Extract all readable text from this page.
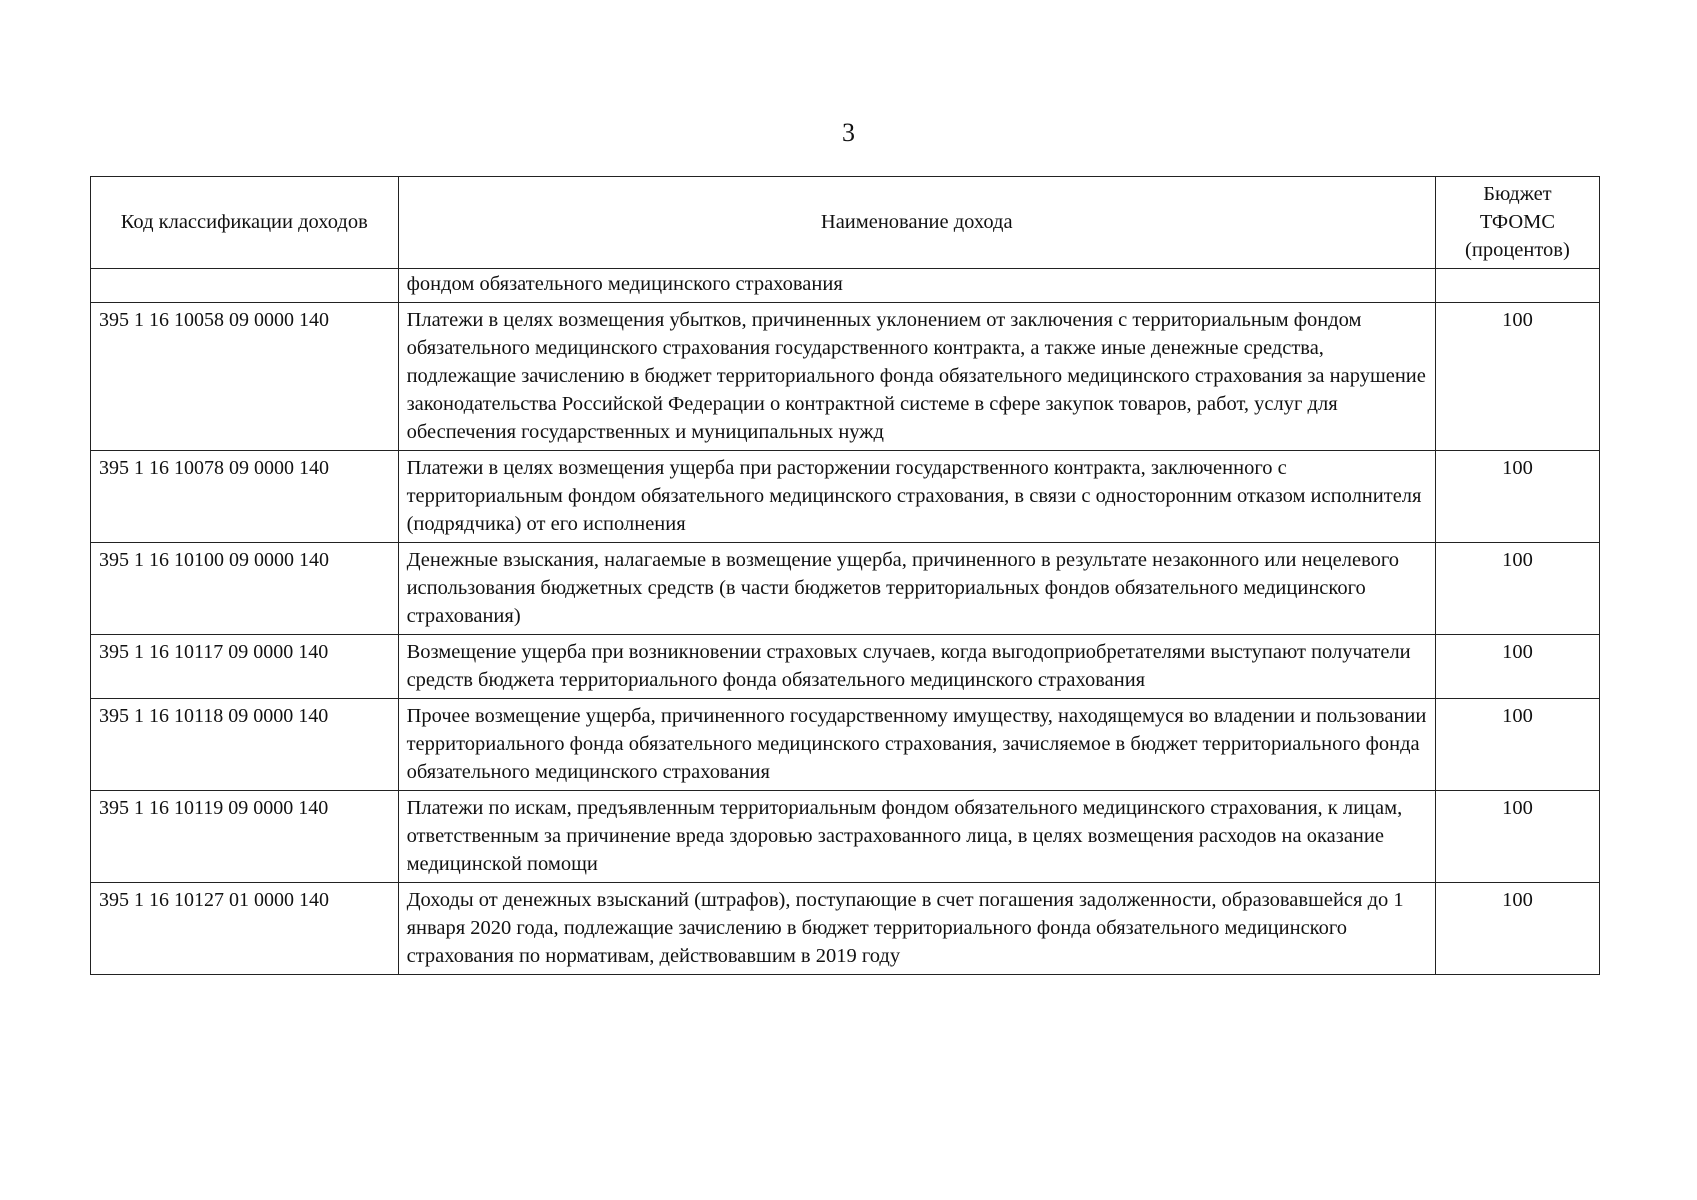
3
Код классификации доходов	Наименование дохода	Бюджет ТФОМС (процентов)
	фондом обязательного медицинского страхования	
395 1 16 10058 09 0000 140	Платежи в целях возмещения убытков, причиненных уклонением от заключения с территориальным фондом обязательного медицинского страхования государственного контракта, а также иные денежные средства, подлежащие зачислению в бюджет территориального фонда обязательного медицинского страхования за нарушение законодательства Российской Федерации о контрактной системе в сфере закупок товаров, работ, услуг для обеспечения государственных и муниципальных нужд	100
395 1 16 10078 09 0000 140	Платежи в целях возмещения ущерба при расторжении государственного контракта, заключенного с территориальным фондом обязательного медицинского страхования, в связи с односторонним отказом исполнителя (подрядчика) от его исполнения	100
395 1 16 10100 09 0000 140	Денежные взыскания, налагаемые в возмещение ущерба, причиненного в результате незаконного или нецелевого использования бюджетных средств (в части бюджетов территориальных фондов обязательного медицинского страхования)	100
395 1 16 10117 09 0000 140	Возмещение ущерба при возникновении страховых случаев, когда выгодоприобретателями выступают получатели средств бюджета территориального фонда обязательного медицинского страхования	100
395 1 16 10118 09 0000 140	Прочее возмещение ущерба, причиненного государственному имуществу, находящемуся во владении и пользовании территориального фонда обязательного медицинского страхования, зачисляемое в бюджет территориального фонда обязательного медицинского страхования	100
395 1 16 10119 09 0000 140	Платежи по искам, предъявленным территориальным фондом обязательного медицинского страхования, к лицам, ответственным за причинение вреда здоровью застрахованного лица, в целях возмещения расходов на оказание медицинской помощи	100
395 1 16 10127 01 0000 140	Доходы от денежных взысканий (штрафов), поступающие в счет погашения задолженности, образовавшейся до 1 января 2020 года, подлежащие зачислению в бюджет территориального фонда обязательного медицинского страхования по нормативам, действовавшим в 2019 году	100
